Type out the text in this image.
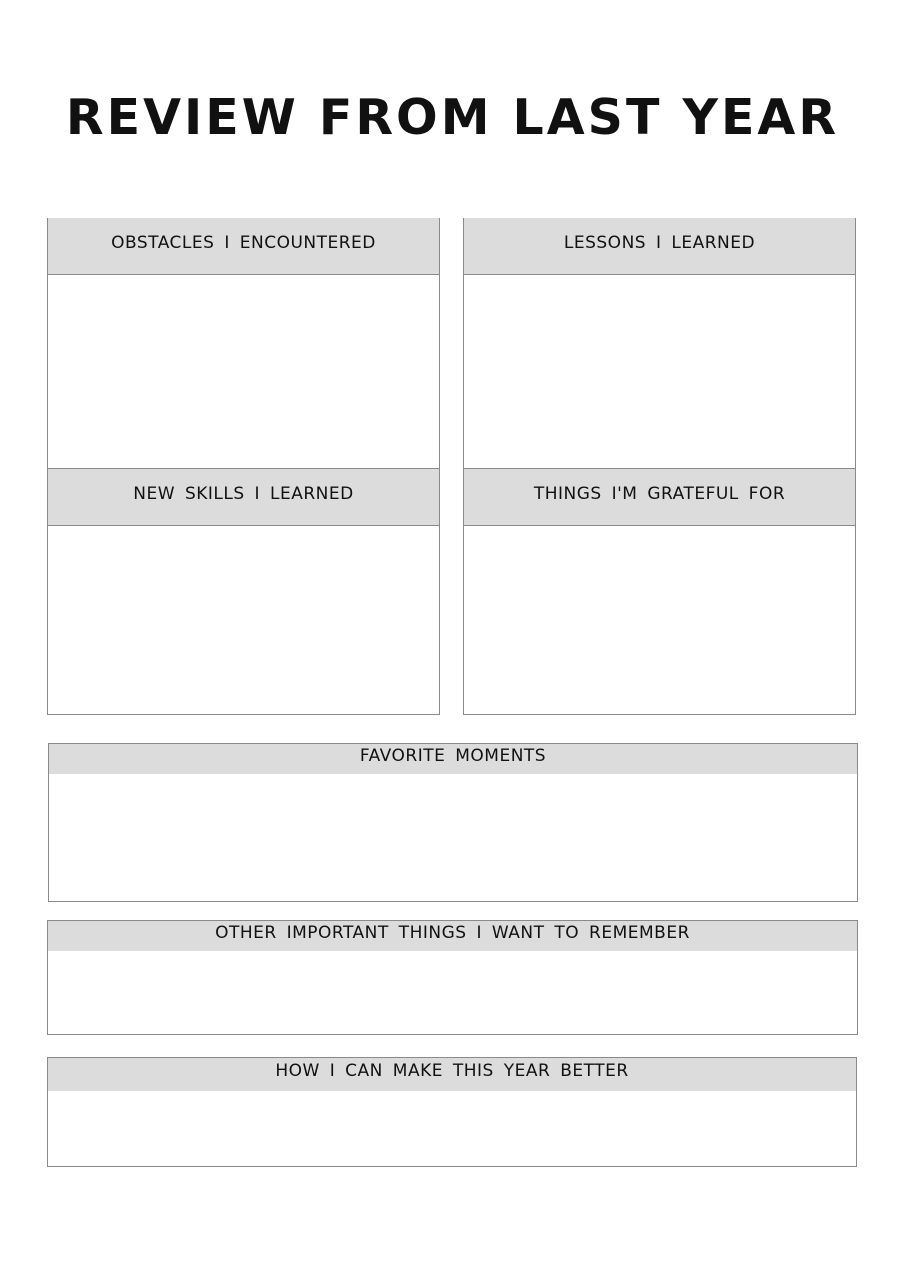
REVIEW FROM LAST YEAR
OBSTACLES I ENCOUNTERED	LESSONS I LEARNED
NEW SKILLS I LEARNED	THINGS I'M GRATEFUL FOR
FAVORITE MOMENTS
OTHER IMPORTANT THINGS I WANT TO REMEMBER
HOW I CAN MAKE THIS YEAR BETTER
